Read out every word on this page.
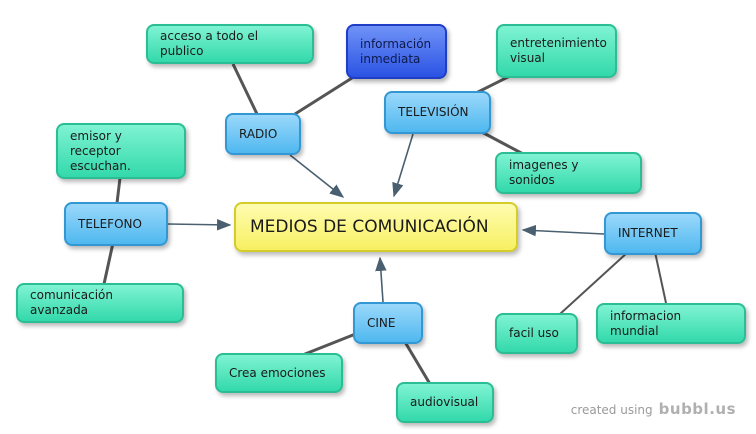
MEDIOS DE COMUNICACIÓN
RADIO
TELEVISIÓN
TELEFONO
INTERNET
CINE
acceso a todo el publico
información
inmediata
entretenimiento
visual
imagenes y sonidos
emisor y receptor
escuchan.
comunicación avanzada
facil uso
informacion mundial
Crea emociones
audiovisual
created using bubbl.us
